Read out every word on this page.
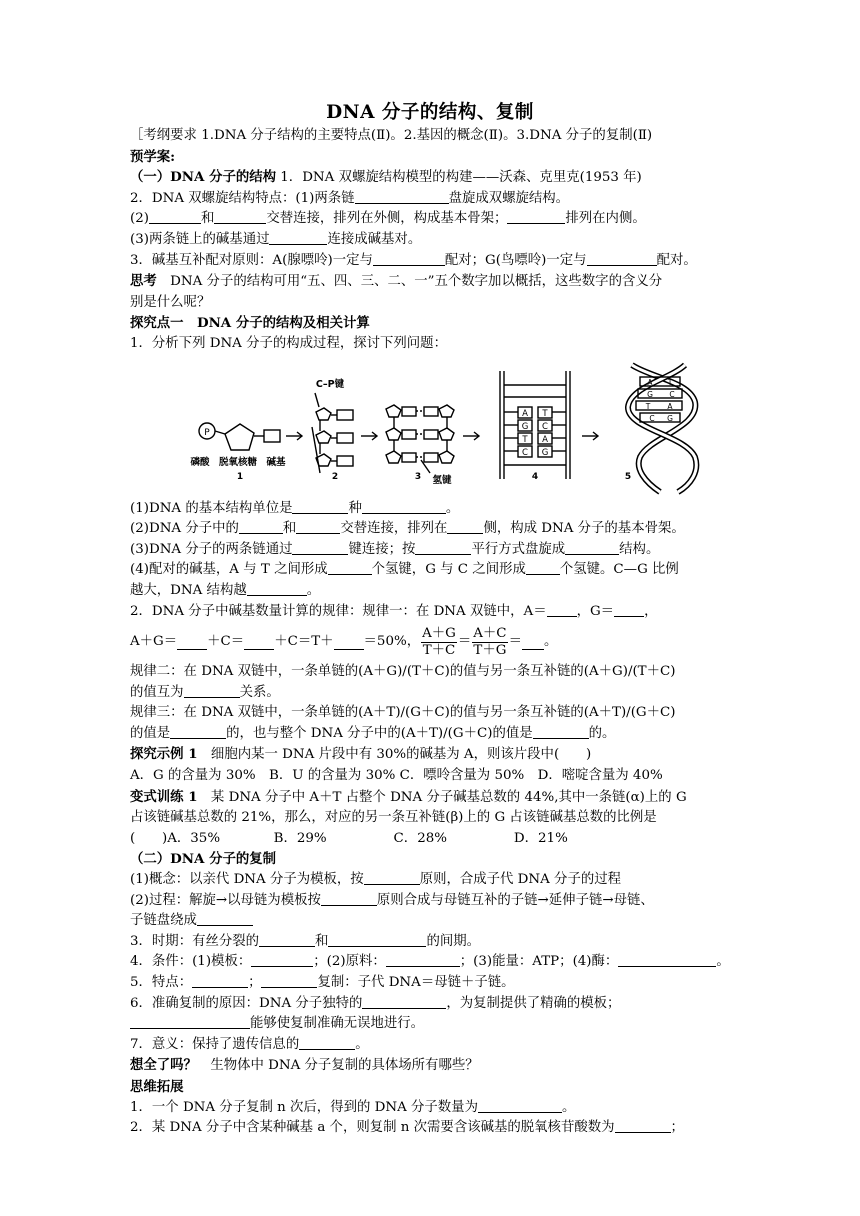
DNA 分子的结构、复制
［考纲要求 1.DNA 分子结构的主要特点(Ⅱ)。2.基因的概念(Ⅱ)。3.DNA 分子的复制(Ⅱ)
预学案:
（一）DNA 分子的结构 1．DNA 双螺旋结构模型的构建——沃森、克里克(1953 年)
2．DNA 双螺旋结构特点：(1)两条链	盘旋成双螺旋结构。
(2)	和	交替连接，排列在外侧，构成基本骨架；	排列在内侧。
(3)两条链上的碱基通过	连接成碱基对。
3．碱基互补配对原则：A(腺嘌呤)一定与	配对；G(鸟嘌呤)一定与	配对。
思考　DNA 分子的结构可用“五、四、三、二、一”五个数字加以概括，这些数字的含义分
别是什么呢？
探究点一　DNA 分子的结构及相关计算
1．分析下列 DNA 分子的构成过程，探讨下列问题：
P
C–P键
磷酸 脱氧核糖 碱基
氢键
A
G
T
C
T
C
A
G
A T
G C
T A
C G
1	2	3	4	5
(1)DNA 的基本结构单位是	种	。
(2)DNA 分子中的	和	交替连接，排列在	侧，构成 DNA 分子的基本骨架。
(3)DNA 分子的两条链通过	键连接；按	平行方式盘旋成	结构。
(4)配对的碱基，A 与 T 之间形成	个氢键，G 与 C 之间形成	个氢键。C—G 比例
越大，DNA 结构越	。
2．DNA 分子中碱基数量计算的规律：规律一：在 DNA 双链中，A＝ ，G＝ ，
A＋G＝ ＋C＝ ＋C＝T＋ ＝50%， $\frac{A+G}{T+C} = \frac{A+C}{T+G}$ ＝ 。
规律二：在 DNA 双链中，一条单链的(A＋G)/(T＋C)的值与另一条互补链的(A＋G)/(T＋C)
的值互为	关系。
规律三：在 DNA 双链中，一条单链的(A＋T)/(G＋C)的值与另一条互补链的(A＋T)/(G＋C)
的值是	的，也与整个 DNA 分子中的(A＋T)/(G＋C)的值是	的。
探究示例 1　细胞内某一 DNA 片段中有 30%的碱基为 A，则该片段中(　　)
A．G 的含量为 30%　B．U 的含量为 30% C．嘌呤含量为 50%　D．嘧啶含量为 40%
变式训练 1　某 DNA 分子中 A＋T 占整个 DNA 分子碱基总数的 44%,其中一条链(α)上的 G
占该链碱基总数的 21%，那么，对应的另一条互补链(β)上的 G 占该链碱基总数的比例是
(　　)A．35%　　　　B．29%　　　　　C．28%　　　　　D．21%
（二）DNA 分子的复制
(1)概念：以亲代 DNA 分子为模板，按	原则，合成子代 DNA 分子的过程
(2)过程：解旋→以母链为模板按	原则合成与母链互补的子链→延伸子链→母链、
子链盘绕成
3．时期：有丝分裂的	和	的间期。
4．条件：(1)模板：	；(2)原料：	；(3)能量：ATP；(4)酶：	。
5．特点：	；	复制：子代 DNA＝母链＋子链。
6．准确复制的原因：DNA 分子独特的	，为复制提供了精确的模板；
能够使复制准确无误地进行。
7．意义：保持了遗传信息的	。
想全了吗？　生物体中 DNA 分子复制的具体场所有哪些？
思维拓展
1．一个 DNA 分子复制 n 次后，得到的 DNA 分子数量为	。
2．某 DNA 分子中含某种碱基 a 个，则复制 n 次需要含该碱基的脱氧核苷酸数为	；
